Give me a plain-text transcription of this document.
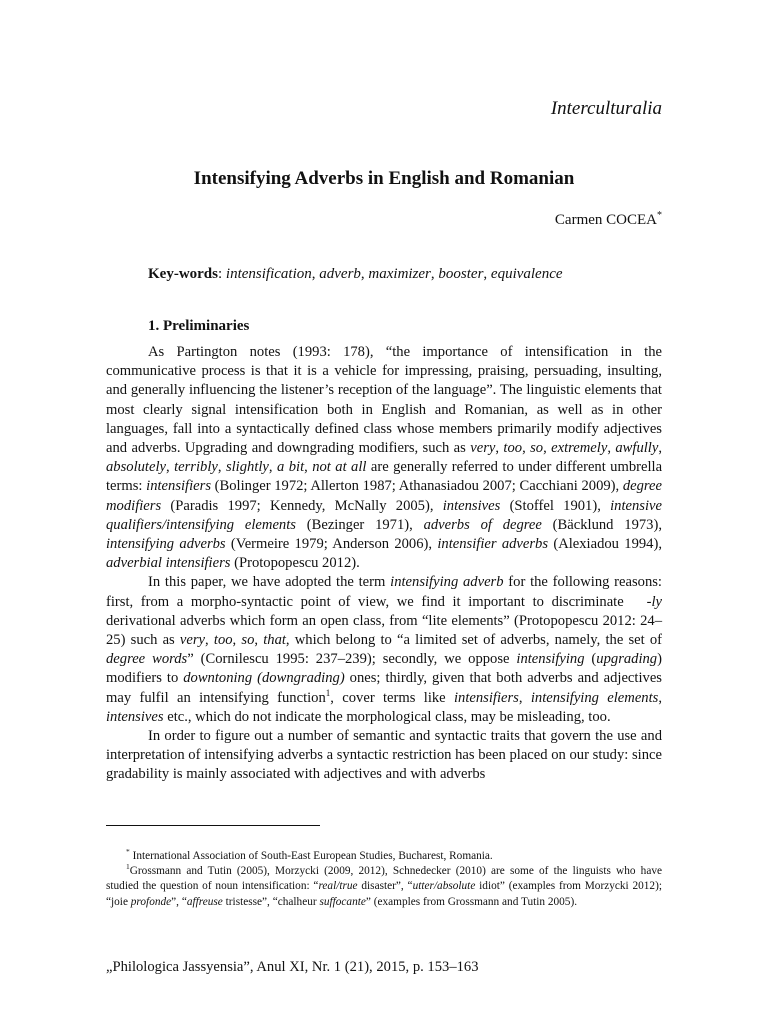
Interculturalia
Intensifying Adverbs in English and Romanian
Carmen COCEA*
Key-words: intensification, adverb, maximizer, booster, equivalence
1. Preliminaries

As Partington notes (1993: 178), “the importance of intensification in the communicative process is that it is a vehicle for impressing, praising, persuading, insulting, and generally influencing the listener’s reception of the language”. The linguistic elements that most clearly signal intensification both in English and Romanian, as well as in other languages, fall into a syntactically defined class whose members primarily modify adjectives and adverbs. Upgrading and downgrading modifiers, such as very, too, so, extremely, awfully, absolutely, terribly, slightly, a bit, not at all are generally referred to under different umbrella terms: intensifiers (Bolinger 1972; Allerton 1987; Athanasiadou 2007; Cacchiani 2009), degree modifiers (Paradis 1997; Kennedy, McNally 2005), intensives (Stoffel 1901), intensive qualifiers/intensifying elements (Bezinger 1971), adverbs of degree (Bäcklund 1973), intensifying adverbs (Vermeire 1979; Anderson 2006), intensifier adverbs (Alexiadou 1994), adverbial intensifiers (Protopopescu 2012).

In this paper, we have adopted the term intensifying adverb for the following reasons: first, from a morpho-syntactic point of view, we find it important to discriminate   -ly derivational adverbs which form an open class, from “lite elements” (Protopopescu 2012: 24–25) such as very, too, so, that, which belong to “a limited set of adverbs, namely, the set of degree words” (Cornilescu 1995: 237–239); secondly, we oppose intensifying (upgrading) modifiers to downtoning (downgrading) ones; thirdly, given that both adverbs and adjectives may fulfil an intensifying function$^1$, cover terms like intensifiers, intensifying elements, intensives etc., which do not indicate the morphological class, may be misleading, too.

In order to figure out a number of semantic and syntactic traits that govern the use and interpretation of intensifying adverbs a syntactic restriction has been placed on our study: since gradability is mainly associated with adjectives and with adverbs

* International Association of South-East European Studies, Bucharest, Romania.

$^1$Grossmann and Tutin (2005), Morzycki (2009, 2012), Schnedecker (2010) are some of the linguists who have studied the question of noun intensification: “real/true disaster”, “utter/absolute idiot” (examples from Morzycki 2012); “joie profonde”, “affreuse tristesse”, “chalheur suffocante” (examples from Grossmann and Tutin 2005).

„Philologica Jassyensia”, Anul XI, Nr. 1 (21), 2015, p. 153–163
